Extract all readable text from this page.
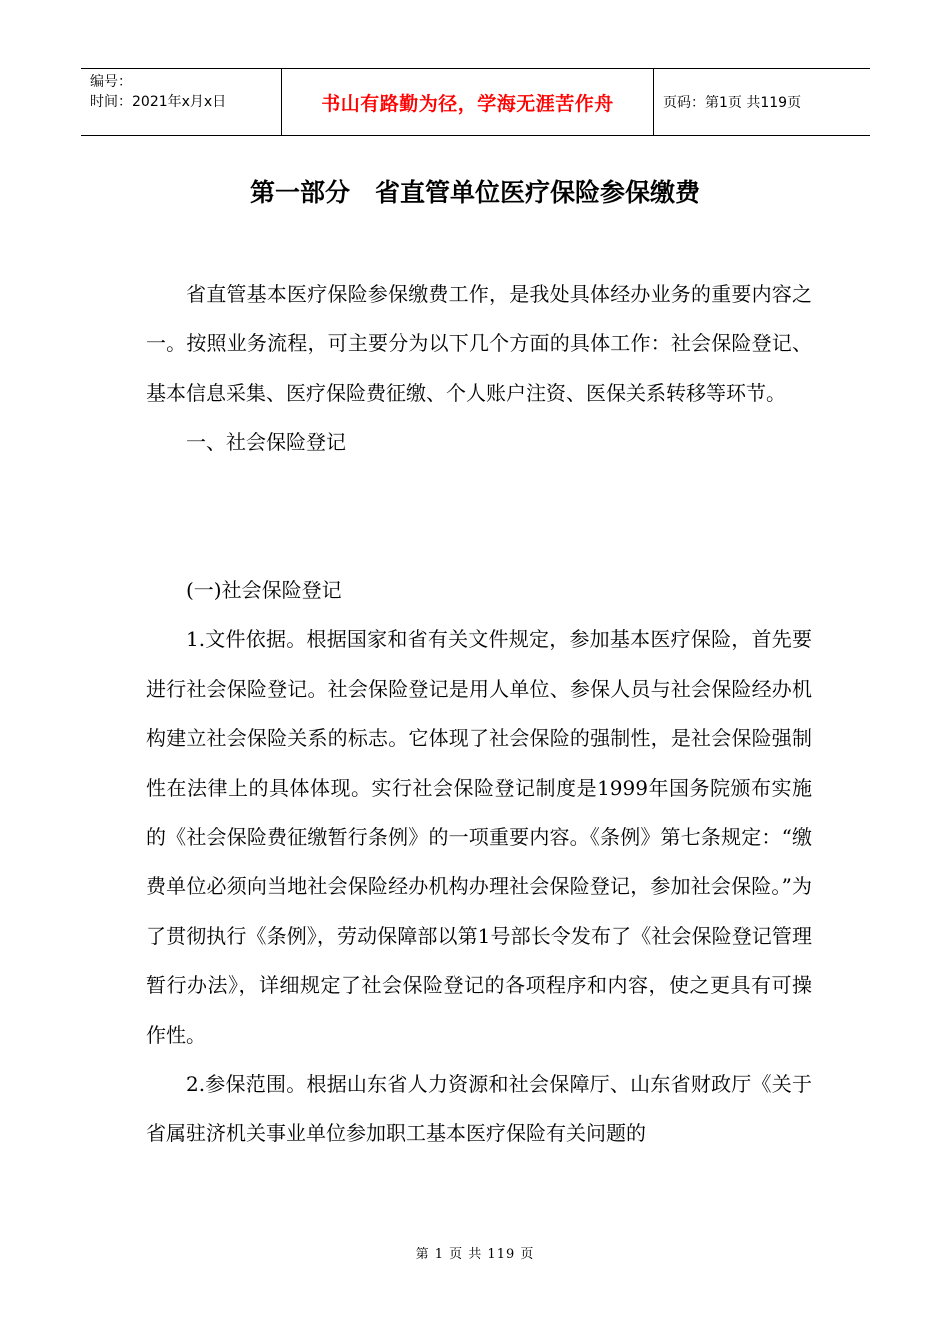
编号：
时间：2021年x月x日	书山有路勤为径，学海无涯苦作舟	页码：第1页 共119页
第一部分　省直管单位医疗保险参保缴费

省直管基本医疗保险参保缴费工作，是我处具体经办业务的重要内容之一。按照业务流程，可主要分为以下几个方面的具体工作：社会保险登记、基本信息采集、医疗保险费征缴、个人账户注资、医保关系转移等环节。

一、社会保险登记

(一)社会保险登记

1.文件依据。根据国家和省有关文件规定，参加基本医疗保险，首先要进行社会保险登记。社会保险登记是用人单位、参保人员与社会保险经办机构建立社会保险关系的标志。它体现了社会保险的强制性，是社会保险强制性在法律上的具体体现。实行社会保险登记制度是1999年国务院颁布实施的《社会保险费征缴暂行条例》的一项重要内容。《条例》第七条规定：“缴费单位必须向当地社会保险经办机构办理社会保险登记，参加社会保险。”为了贯彻执行《条例》，劳动保障部以第1号部长令发布了《社会保险登记管理暂行办法》，详细规定了社会保险登记的各项程序和内容，使之更具有可操作性。

2.参保范围。根据山东省人力资源和社会保障厅、山东省财政厅《关于省属驻济机关事业单位参加职工基本医疗保险有关问题的

第 1 页 共 119 页
